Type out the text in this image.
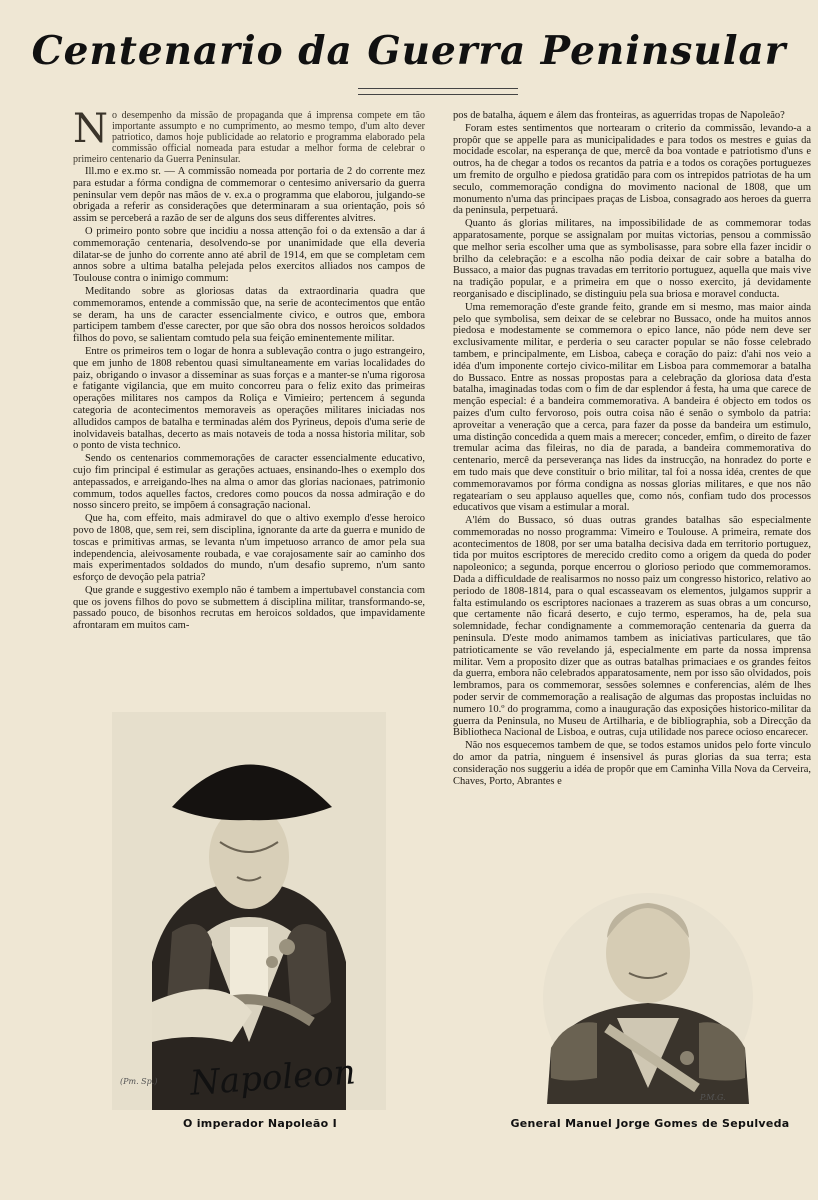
Centenario da Guerra Peninsular

No desempenho da missão de propaganda que á imprensa compete em tão importante assumpto e no cumprimento, ao mesmo tempo, d'um alto dever patriotico, damos hoje publicidade ao relatorio e programma elaborado pela commissão official nomeada para estudar a melhor forma de celebrar o primeiro centenario da Guerra Peninsular.

Ill.mo e ex.mo sr. — A commissão nomeada por portaria de 2 do corrente mez para estudar a fórma condigna de commemorar o centesimo aniversario da guerra peninsular vem depôr nas mãos de v. ex.a o programma que elaborou, julgando-se obrigada a referir as considerações que determinaram a sua orientação, pois só assim se perceberá a razão de ser de alguns dos seus differentes alvitres.

O primeiro ponto sobre que incidiu a nossa attenção foi o da extensão a dar á commemoração centenaria, desolvendo-se por unanimidade que ella deveria dilatar-se de junho do corrente anno até abril de 1914, em que se completam cem annos sobre a ultima batalha pelejada pelos exercitos alliados nos campos de Toulouse contra o inimigo commum:

Meditando sobre as gloriosas datas da extraordinaria quadra que commemoramos, entende a commissão que, na serie de acontecimentos que então se deram, ha uns de caracter essencialmente civico, e outros que, embora participem tambem d'esse carecter, por que são obra dos nossos heroicos soldados filhos do povo, se salientam comtudo pela sua feição eminentemente militar.

Entre os primeiros tem o logar de honra a sublevação contra o jugo estrangeiro, que em junho de 1808 rebentou quasi simultaneamente em varias localidades do paiz, obrigando o invasor a disseminar as suas forças e a manter-se n'uma rigorosa e fatigante vigilancia, que em muito concorreu para o feliz exito das primeiras operações militares nos campos da Roliça e Vimieiro; pertencem á segunda categoria de acontecimentos memoraveis as operações militares iniciadas nos alludidos campos de batalha e terminadas além dos Pyrineus, depois d'uma serie de inolvidaveis batalhas, decerto as mais notaveis de toda a nossa historia militar, sob o ponto de vista technico.

Sendo os centenarios commemorações de caracter essencialmente educativo, cujo fim principal é estimular as gerações actuaes, ensinando-lhes o exemplo dos antepassados, e arreigando-lhes na alma o amor das glorias nacionaes, patrimonio commum, todos aquelles factos, credores como poucos da nossa admiração e do nosso sincero preito, se impõem á consagração nacional.

Que ha, com effeito, mais admiravel do que o altivo exemplo d'esse heroico povo de 1808, que, sem rei, sem disciplina, ignorante da arte da guerra e munido de toscas e primitivas armas, se levanta n'um impetuoso arranco de amor pela sua independencia, aleivosamente roubada, e vae corajosamente saír ao caminho dos mais experimentados soldados do mundo, n'um desafio supremo, n'um santo esforço de devoção pela patria?

Que grande e suggestivo exemplo não é tambem a impertubavel constancia com que os jovens filhos do povo se submettem á disciplina militar, transformando-se, passado pouco, de bisonhos recrutas em heroicos soldados, que impavidamente afrontaram em muitos cam-

pos de batalha, áquem e álem das fronteiras, as aguerridas tropas de Napoleão?

Foram estes sentimentos que nortearam o criterio da commissão, levando-a a propôr que se appelle para as municipalidades e para todos os mestres e guias da mocidade escolar, na esperança de que, mercê da boa vontade e patriotismo d'uns e outros, ha de chegar a todos os recantos da patria e a todos os corações portuguezes um fremito de orgulho e piedosa gratidão para com os intrepidos patriotas de ha um seculo, commemoração condigna do movimento nacional de 1808, que um monumento n'uma das principaes praças de Lisboa, consagrado aos heroes da guerra da peninsula, perpetuará.

Quanto ás glorias militares, na impossibilidade de as commemorar todas apparatosamente, porque se assignalam por muitas victorias, pensou a commissão que melhor seria escolher uma que as symbolisasse, para sobre ella fazer incidir o brilho da celebração: e a escolha não podia deixar de cair sobre a batalha do Bussaco, a maior das pugnas travadas em territorio portuguez, aquella que mais vive na tradição popular, e a primeira em que o nosso exercito, já devidamente reorganisado e disciplinado, se distinguiu pela sua briosa e moravel conducta.

Uma rememoração d'este grande feito, grande em si mesmo, mas maior ainda pelo que symbolisa, sem deixar de se celebrar no Bussaco, onde ha muitos annos piedosa e modestamente se commemora o epico lance, não póde nem deve ser exclusivamente militar, e perderia o seu caracter popular se não fosse celebrado tambem, e principalmente, em Lisboa, cabeça e coração do paiz: d'ahi nos veio a idéa d'um imponente cortejo civico-militar em Lisboa para commemorar a batalha do Bussaco. Entre as nossas propostas para a celebração da gloriosa data d'esta batalha, imaginadas todas com o fim de dar esplendor á festa, ha uma que carece de menção especial: é a bandeira commemorativa. A bandeira é objecto em todos os paizes d'um culto fervoroso, pois outra coisa não é senão o symbolo da patria: aproveitar a veneração que a cerca, para fazer da posse da bandeira um estimulo, uma distinção concedida a quem mais a merecer; conceder, emfim, o direito de fazer tremular acima das fileiras, no dia de parada, a bandeira commemorativa do centenario, mercê da perseverança nas lides da instrucção, na honradez do porte e em tudo mais que deve constituir o brio militar, tal foi a nossa idéa, crentes de que commemoravamos por fórma condigna as nossas glorias militares, e que nos não regatearíam o seu applauso aquelles que, como nós, confiam tudo dos processos educativos que visam a estimular a moral.

A'lém do Bussaco, só duas outras grandes batalhas são especialmente commemoradas no nosso programma: Vimeiro e Toulouse. A primeira, remate dos acontecimentos de 1808, por ser uma batalha decisiva dada em territorio portuguez, tida por muitos escriptores de merecido credito como a origem da queda do poder napoleonico; a segunda, porque encerrou o glorioso periodo que commemoramos. Dada a difficuldade de realisarmos no nosso paiz um congresso historico, relativo ao periodo de 1808-1814, para o qual escasseavam os elementos, julgamos supprir a falta estimulando os escriptores nacionaes a trazerem as suas obras a um concurso, que certamente não ficará deserto, e cujo termo, esperamos, ha de, pela sua solemnidade, fechar condignamente a commemoração centenaria da guerra da peninsula. D'este modo animamos tambem as iniciativas particulares, que tão patrioticamente se vão revelando já, especialmente em parte da nossa imprensa militar. Vem a proposito dizer que as outras batalhas primaciaes e os grandes feitos da guerra, embora não celebrados apparatosamente, nem por isso são olvidados, pois lembramos, para os commemorar, sessões solemnes e conferencias, além de lhes poder servir de commemoração a realisação de algumas das propostas incluidas no numero 10.º do programma, como a inauguração das exposições historico-militar da guerra da Peninsula, no Museu de Artilharia, e de bibliographia, sob a Direcção da Bibliotheca Nacional de Lisboa, e outras, cuja utilidade nos parece ocioso encarecer.

Não nos esquecemos tambem de que, se todos estamos unidos pelo forte vinculo do amor da patria, ninguem é insensivel ás puras glorias da sua terra; esta consideração nos suggeriu a idéa de propôr que em Caminha Villa Nova da Cerveira, Chaves, Porto, Abrantes e

Napoleon
(Pm. Sp.)
O imperador Napoleão I
P.M.G.
General Manuel Jorge Gomes de Sepulveda
